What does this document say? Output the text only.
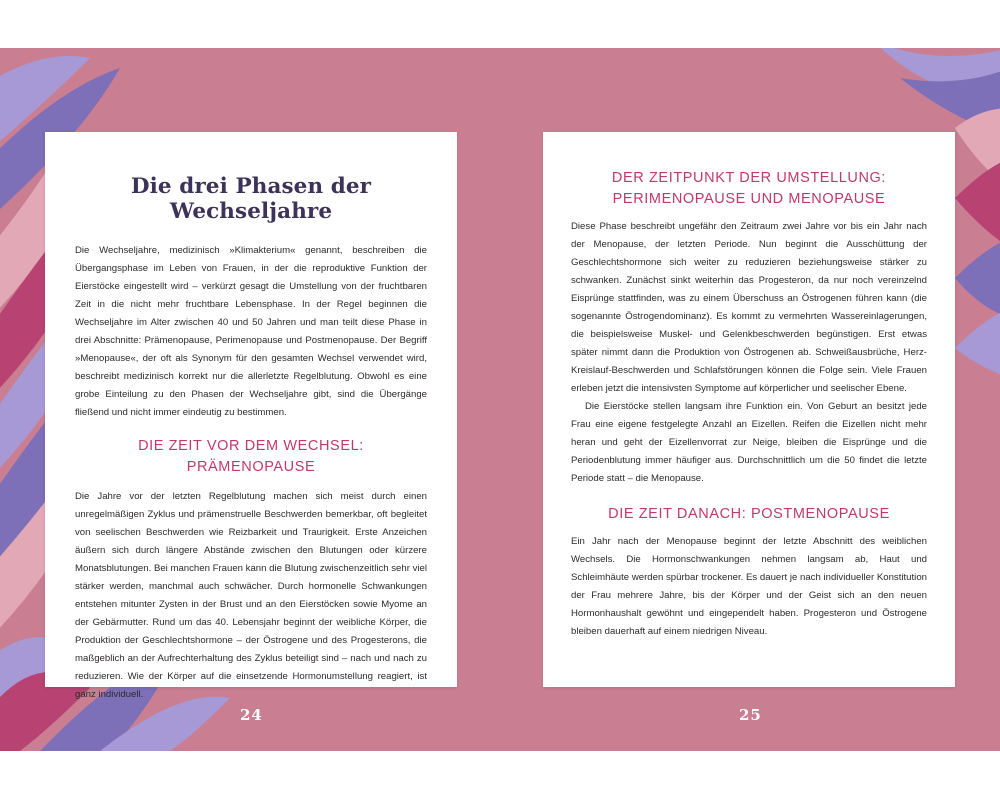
Die drei Phasen der Wechseljahre

Die Wechseljahre, medizinisch »Klimakterium« genannt, beschreiben die Übergangsphase im Leben von Frauen, in der die reproduktive Funktion der Eierstöcke eingestellt wird – verkürzt gesagt die Umstellung von der fruchtbaren Zeit in die nicht mehr fruchtbare Lebensphase. In der Regel beginnen die Wechseljahre im Alter zwischen 40 und 50 Jahren und man teilt diese Phase in drei Abschnitte: Prämenopause, Perimenopause und Postmenopause. Der Begriff »Menopause«, der oft als Synonym für den gesamten Wechsel verwendet wird, beschreibt medizinisch korrekt nur die allerletzte Regelblutung. Obwohl es eine grobe Einteilung zu den Phasen der Wechseljahre gibt, sind die Übergänge fließend und nicht immer eindeutig zu bestimmen.

DIE ZEIT VOR DEM WECHSEL: PRÄMENOPAUSE

Die Jahre vor der letzten Regelblutung machen sich meist durch einen unregelmäßigen Zyklus und prämenstruelle Beschwerden bemerkbar, oft begleitet von seelischen Beschwerden wie Reizbarkeit und Traurigkeit. Erste Anzeichen äußern sich durch längere Abstände zwischen den Blutungen oder kürzere Monatsblutungen. Bei manchen Frauen kann die Blutung zwischenzeitlich sehr viel stärker werden, manchmal auch schwächer. Durch hormonelle Schwankungen entstehen mitunter Zysten in der Brust und an den Eierstöcken sowie Myome an der Gebärmutter. Rund um das 40. Lebensjahr beginnt der weibliche Körper, die Produktion der Geschlechtshormone – der Östrogene und des Progesterons, die maßgeblich an der Aufrechterhaltung des Zyklus beteiligt sind – nach und nach zu reduzieren. Wie der Körper auf die einsetzende Hormonumstellung reagiert, ist ganz individuell.

24
DER ZEITPUNKT DER UMSTELLUNG:
PERIMENOPAUSE UND MENOPAUSE

Diese Phase beschreibt ungefähr den Zeitraum zwei Jahre vor bis ein Jahr nach der Menopause, der letzten Periode. Nun beginnt die Ausschüttung der Geschlechtshormone sich weiter zu reduzieren beziehungsweise stärker zu schwanken. Zunächst sinkt weiterhin das Progesteron, da nur noch vereinzelnd Eisprünge stattfinden, was zu einem Überschuss an Östrogenen führen kann (die sogenannte Östrogendominanz). Es kommt zu vermehrten Wassereinlagerungen, die beispielsweise Muskel- und Gelenkbeschwerden begünstigen. Erst etwas später nimmt dann die Produktion von Östrogenen ab. Schweißausbrüche, Herz-Kreislauf-Beschwerden und Schlafstörungen können die Folge sein. Viele Frauen erleben jetzt die intensivsten Symptome auf körperlicher und seelischer Ebene.

Die Eierstöcke stellen langsam ihre Funktion ein. Von Geburt an besitzt jede Frau eine eigene festgelegte Anzahl an Eizellen. Reifen die Eizellen nicht mehr heran und geht der Eizellenvorrat zur Neige, bleiben die Eisprünge und die Periodenblutung immer häufiger aus. Durchschnittlich um die 50 findet die letzte Periode statt – die Menopause.

DIE ZEIT DANACH: POSTMENOPAUSE

Ein Jahr nach der Menopause beginnt der letzte Abschnitt des weiblichen Wechsels. Die Hormonschwankungen nehmen langsam ab, Haut und Schleimhäute werden spürbar trockener. Es dauert je nach individueller Konstitution der Frau mehrere Jahre, bis der Körper und der Geist sich an den neuen Hormonhaushalt gewöhnt und eingependelt haben. Progesteron und Östrogene bleiben dauerhaft auf einem niedrigen Niveau.

25
